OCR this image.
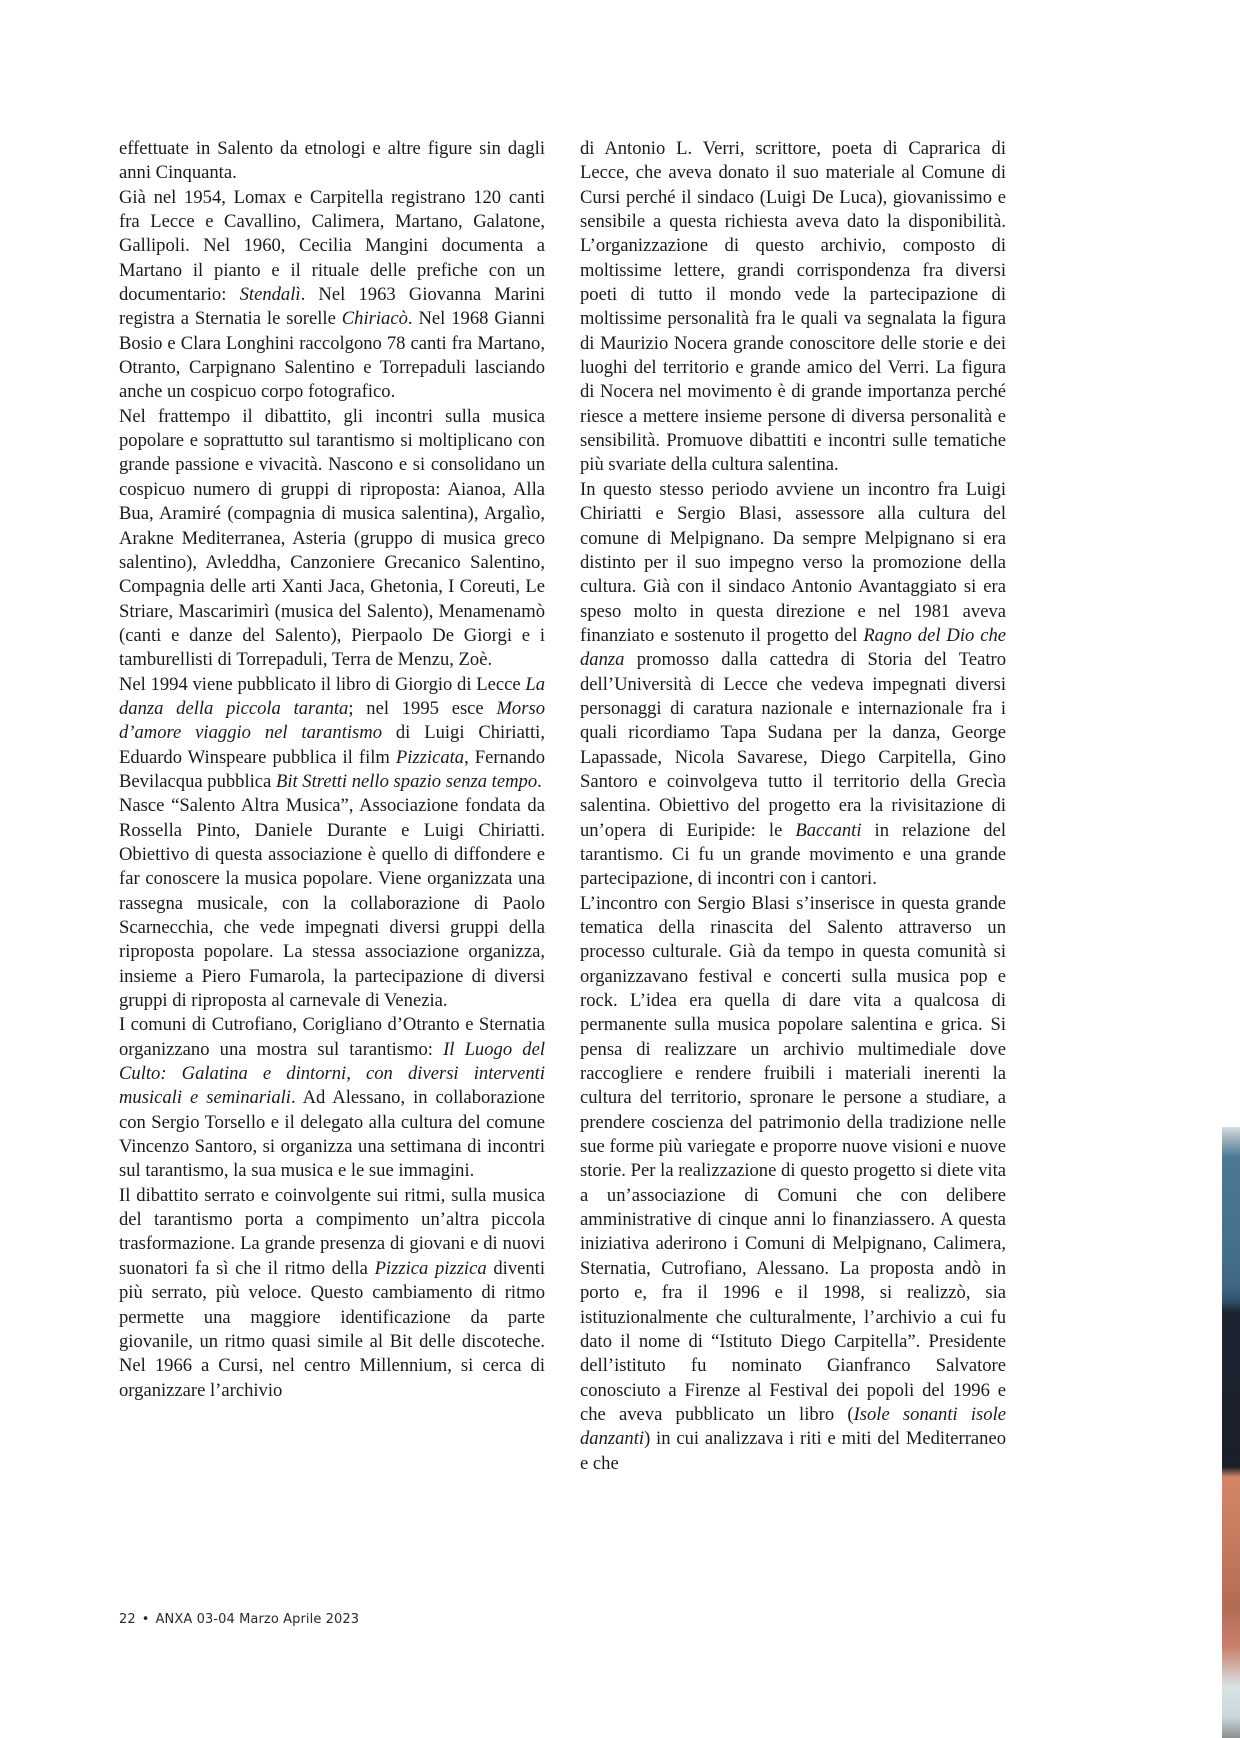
effettuate in Salento da etnologi e altre figure sin dagli anni Cinquanta.

Già nel 1954, Lomax e Carpitella registrano 120 canti fra Lecce e Cavallino, Calimera, Martano, Galatone, Gallipoli. Nel 1960, Cecilia Mangini documenta a Martano il pianto e il rituale delle prefiche con un documentario: Stendalì. Nel 1963 Giovanna Marini registra a Sternatia le sorelle Chiriacò. Nel 1968 Gianni Bosio e Clara Longhini raccolgono 78 canti fra Martano, Otranto, Carpignano Salentino e Torrepaduli lasciando anche un cospicuo corpo fotografico.

Nel frattempo il dibattito, gli incontri sulla musica popolare e soprattutto sul tarantismo si moltiplicano con grande passione e vivacità. Nascono e si consolidano un cospicuo numero di gruppi di riproposta: Aianoa, Alla Bua, Aramiré (compagnia di musica salentina), Argalìo, Arakne Mediterranea, Asteria (gruppo di musica greco salentino), Avleddha, Canzoniere Grecanico Salentino, Compagnia delle arti Xanti Jaca, Ghetonia, I Coreuti, Le Striare, Mascarimirì (musica del Salento), Menamenamò (canti e danze del Salento), Pierpaolo De Giorgi e i tamburellisti di Torrepaduli, Terra de Menzu, Zoè.

Nel 1994 viene pubblicato il libro di Giorgio di Lecce La danza della piccola taranta; nel 1995 esce Morso d’amore viaggio nel tarantismo di Luigi Chiriatti, Eduardo Winspeare pubblica il film Pizzicata, Fernando Bevilacqua pubblica Bit Stretti nello spazio senza tempo.

Nasce “Salento Altra Musica”, Associazione fondata da Rossella Pinto, Daniele Durante e Luigi Chiriatti. Obiettivo di questa associazione è quello di diffondere e far conoscere la musica popolare. Viene organizzata una rassegna musicale, con la collaborazione di Paolo Scarnecchia, che vede impegnati diversi gruppi della riproposta popolare. La stessa associazione organizza, insieme a Piero Fumarola, la partecipazione di diversi gruppi di riproposta al carnevale di Venezia.

I comuni di Cutrofiano, Corigliano d’Otranto e Sternatia organizzano una mostra sul tarantismo: Il Luogo del Culto: Galatina e dintorni, con diversi interventi musicali e seminariali. Ad Alessano, in collaborazione con Sergio Torsello e il delegato alla cultura del comune Vincenzo Santoro, si organizza una settimana di incontri sul tarantismo, la sua musica e le sue immagini.

Il dibattito serrato e coinvolgente sui ritmi, sulla musica del tarantismo porta a compimento un’altra piccola trasformazione. La grande presenza di giovani e di nuovi suonatori fa sì che il ritmo della Pizzica pizzica diventi più serrato, più veloce. Questo cambiamento di ritmo permette una maggiore identificazione da parte giovanile, un ritmo quasi simile al Bit delle discoteche. Nel 1966 a Cursi, nel centro Millennium, si cerca di organizzare l’archivio

di Antonio L. Verri, scrittore, poeta di Caprarica di Lecce, che aveva donato il suo materiale al Comune di Cursi perché il sindaco (Luigi De Luca), giovanissimo e sensibile a questa richiesta aveva dato la disponibilità. L’organizzazione di questo archivio, composto di moltissime lettere, grandi corrispondenza fra diversi poeti di tutto il mondo vede la partecipazione di moltissime personalità fra le quali va segnalata la figura di Maurizio Nocera grande conoscitore delle storie e dei luoghi del territorio e grande amico del Verri. La figura di Nocera nel movimento è di grande importanza perché riesce a mettere insieme persone di diversa personalità e sensibilità. Promuove dibattiti e incontri sulle tematiche più svariate della cultura salentina.

In questo stesso periodo avviene un incontro fra Luigi Chiriatti e Sergio Blasi, assessore alla cultura del comune di Melpignano. Da sempre Melpignano si era distinto per il suo impegno verso la promozione della cultura. Già con il sindaco Antonio Avantaggiato si era speso molto in questa direzione e nel 1981 aveva finanziato e sostenuto il progetto del Ragno del Dio che danza promosso dalla cattedra di Storia del Teatro dell’Università di Lecce che vedeva impegnati diversi personaggi di caratura nazionale e internazionale fra i quali ricordiamo Tapa Sudana per la danza, George Lapassade, Nicola Savarese, Diego Carpitella, Gino Santoro e coinvolgeva tutto il territorio della Grecìa salentina. Obiettivo del progetto era la rivisitazione di un’opera di Euripide: le Baccanti in relazione del tarantismo. Ci fu un grande movimento e una grande partecipazione, di incontri con i cantori.

L’incontro con Sergio Blasi s’inserisce in questa grande tematica della rinascita del Salento attraverso un processo culturale. Già da tempo in questa comunità si organizzavano festival e concerti sulla musica pop e rock. L’idea era quella di dare vita a qualcosa di permanente sulla musica popolare salentina e grica. Si pensa di realizzare un archivio multimediale dove raccogliere e rendere fruibili i materiali inerenti la cultura del territorio, spronare le persone a studiare, a prendere coscienza del patrimonio della tradizione nelle sue forme più variegate e proporre nuove visioni e nuove storie. Per la realizzazione di questo progetto si diete vita a un’associazione di Comuni che con delibere amministrative di cinque anni lo finanziassero. A questa iniziativa aderirono i Comuni di Melpignano, Calimera, Sternatia, Cutrofiano, Alessano. La proposta andò in porto e, fra il 1996 e il 1998, si realizzò, sia istituzionalmente che culturalmente, l’archivio a cui fu dato il nome di “Istituto Diego Carpitella”. Presidente dell’istituto fu nominato Gianfranco Salvatore conosciuto a Firenze al Festival dei popoli del 1996 e che aveva pubblicato un libro (Isole sonanti isole danzanti) in cui analizzava i riti e miti del Mediterraneo e che

22 • ANXA 03-04 Marzo Aprile 2023
